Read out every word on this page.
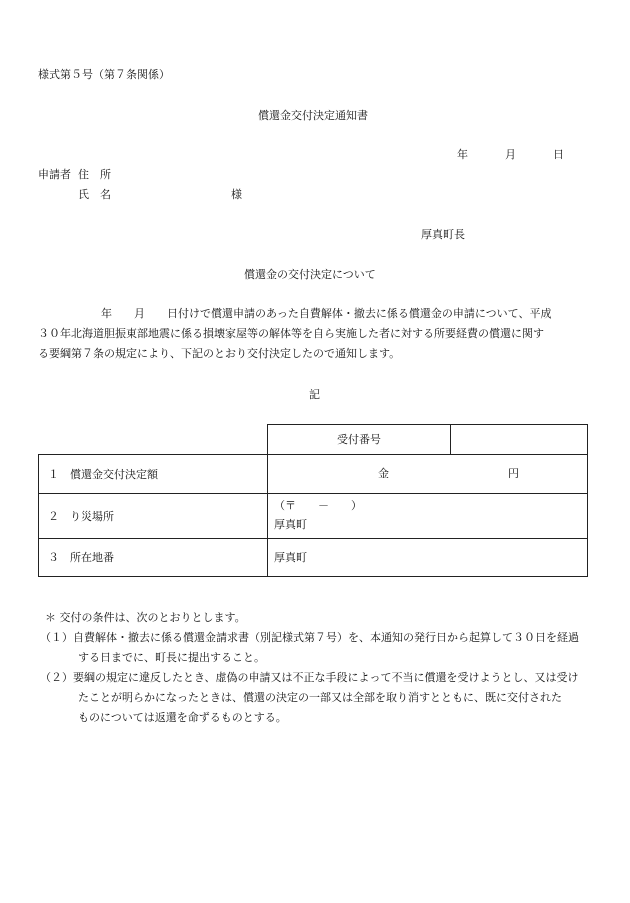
様式第５号（第７条関係）
償還金交付決定通知書
年	月	日
申請者 住　所
氏　名	様
厚真町長
償還金の交付決定について
年　　月　　日付けで償還申請のあった自費解体・撤去に係る償還金の申請について、平成
３０年北海道胆振東部地震に係る損壊家屋等の解体等を自ら実施した者に対する所要経費の償還に関す
る要綱第７条の規定により、下記のとおり交付決定したので通知します。
記
	受付番号	
１　償還金交付決定額	金 円	

２　り災場所	（〒　　－　　）
厚真町	

３　所在地番	厚真町	
＊ 交付の条件は、次のとおりとします。
（１）自費解体・撤去に係る償還金請求書（別記様式第７号）を、本通知の発行日から起算して３０日を経過
する日までに、町長に提出すること。
（２）要綱の規定に違反したとき、虚偽の申請又は不正な手段によって不当に償還を受けようとし、又は受け
たことが明らかになったときは、償還の決定の一部又は全部を取り消すとともに、既に交付された
ものについては返還を命ずるものとする。
